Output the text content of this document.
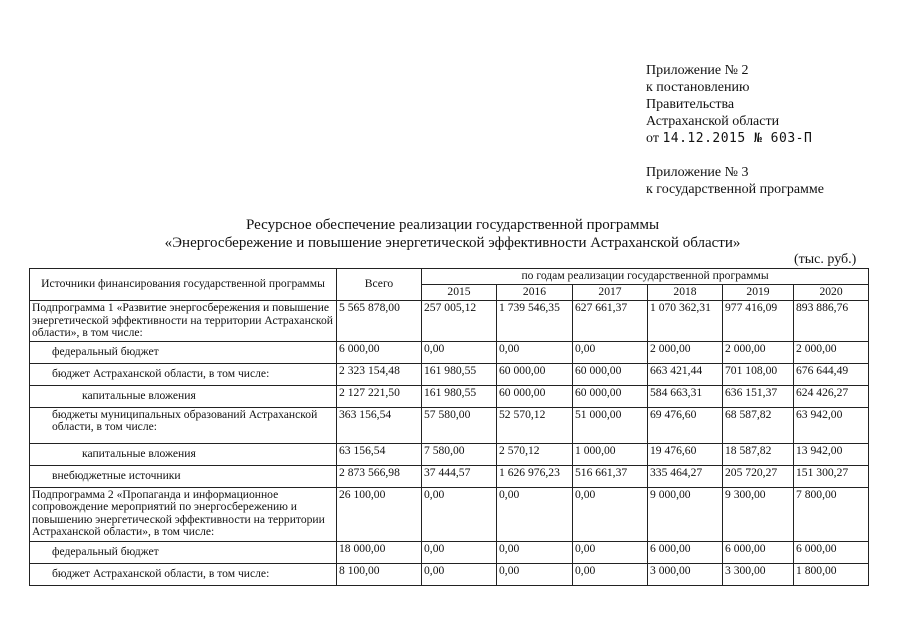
Приложение № 2
к постановлению
Правительства
Астраханской области
от 14.12.2015 № 603-П
Приложение № 3
к государственной программе
Ресурсное обеспечение реализации государственной программы
«Энергосбережение и повышение энергетической эффективности Астраханской области»
(тыс. руб.)
Источники финансирования государственной программы	Всего	по годам реализации государственной программы					
		2015	2016	2017	2018	2019	2020
Подпрограмма 1 «Развитие энергосбережения и повышение энергетической эффективности на территории Астраханской области», в том числе:	5 565 878,00	257 005,12	1 739 546,35	627 661,37	1 070 362,31	977 416,09	893 886,76
федеральный бюджет	6 000,00	0,00	0,00	0,00	2 000,00	2 000,00	2 000,00
бюджет Астраханской области, в том числе:	2 323 154,48	161 980,55	60 000,00	60 000,00	663 421,44	701 108,00	676 644,49
капитальные вложения	2 127 221,50	161 980,55	60 000,00	60 000,00	584 663,31	636 151,37	624 426,27
бюджеты муниципальных образований Астраханской области, в том числе:	363 156,54	57 580,00	52 570,12	51 000,00	69 476,60	68 587,82	63 942,00
капитальные вложения	63 156,54	7 580,00	2 570,12	1 000,00	19 476,60	18 587,82	13 942,00
внебюджетные источники	2 873 566,98	37 444,57	1 626 976,23	516 661,37	335 464,27	205 720,27	151 300,27
Подпрограмма 2 «Пропаганда и информационное сопровождение мероприятий по энергосбережению и повышению энергетической эффективности на территории Астраханской области», в том числе:	26 100,00	0,00	0,00	0,00	9 000,00	9 300,00	7 800,00
федеральный бюджет	18 000,00	0,00	0,00	0,00	6 000,00	6 000,00	6 000,00
бюджет Астраханской области, в том числе:	8 100,00	0,00	0,00	0,00	3 000,00	3 300,00	1 800,00
